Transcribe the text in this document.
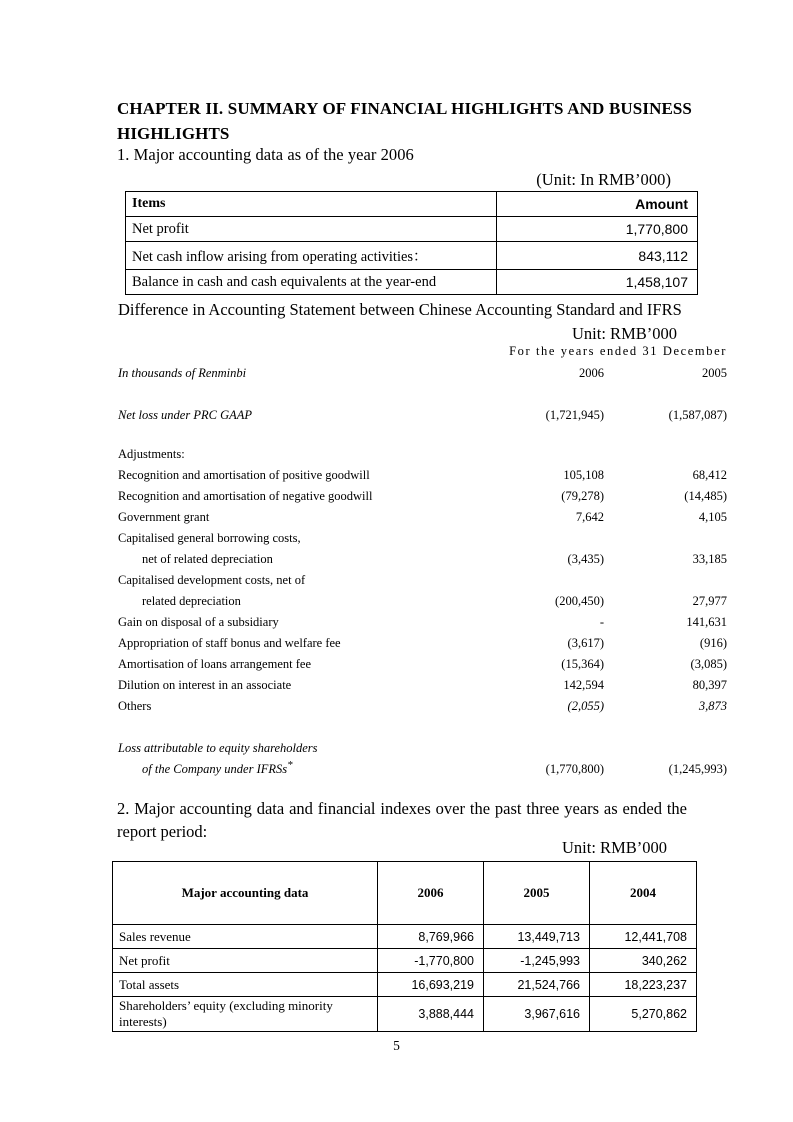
CHAPTER II. SUMMARY OF FINANCIAL HIGHLIGHTS AND BUSINESS
HIGHLIGHTS
1. Major accounting data as of the year 2006
(Unit: In RMB’000)
Items	Amount
Net profit	1,770,800
Net cash inflow arising from operating activities：	843,112
Balance in cash and cash equivalents at the year-end	1,458,107
Difference in Accounting Statement between Chinese Accounting Standard and IFRS
Unit: RMB’000
For the years ended 31 December
In thousands of Renminbi	2006	2005
Net loss under PRC GAAP	(1,721,945)	(1,587,087)
Adjustments:
Recognition and amortisation of positive goodwill	105,108	68,412
Recognition and amortisation of negative goodwill	(79,278)	(14,485)
Government grant	7,642	4,105
Capitalised general borrowing costs,
net of related depreciation	(3,435)	33,185
Capitalised development costs, net of
related depreciation	(200,450)	27,977
Gain on disposal of a subsidiary	-	141,631
Appropriation of staff bonus and welfare fee	(3,617)	(916)
Amortisation of loans arrangement fee	(15,364)	(3,085)
Dilution on interest in an associate	142,594	80,397
Others	(2,055)	3,873
Loss attributable to equity shareholders
of the Company under IFRSs*	(1,770,800)	(1,245,993)
2. Major accounting data and financial indexes over the past three years as ended the report period:
Unit: RMB’000
Major accounting data	2006	2005	2004
Sales revenue	8,769,966	13,449,713	12,441,708
Net profit	-1,770,800	-1,245,993	340,262
Total assets	16,693,219	21,524,766	18,223,237
Shareholders’ equity (excluding minority interests)	3,888,444	3,967,616	5,270,862
5
